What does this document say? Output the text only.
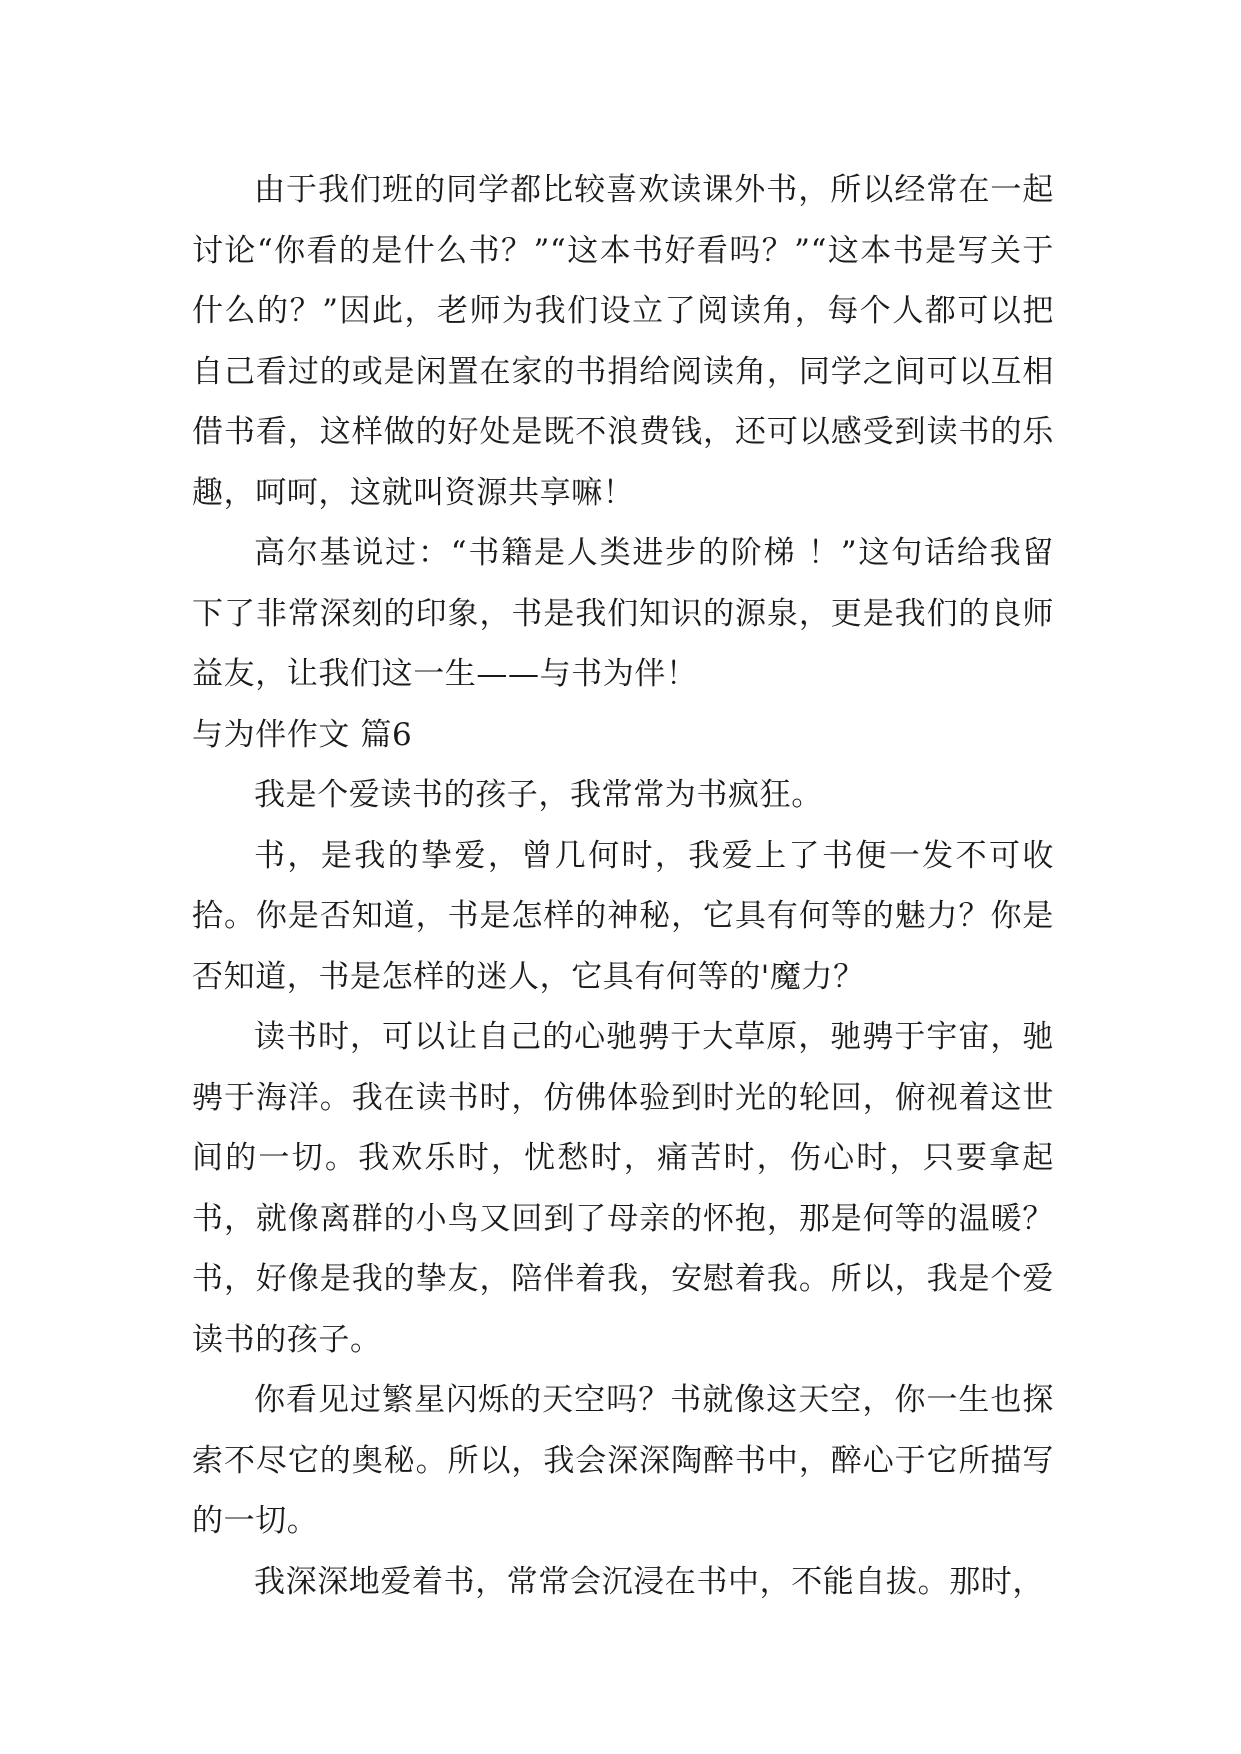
由于我们班的同学都比较喜欢读课外书，所以经常在一起讨论“你看的是什么书？”“这本书好看吗？”“这本书是写关于什么的？”因此，老师为我们设立了阅读角，每个人都可以把自己看过的或是闲置在家的书捐给阅读角，同学之间可以互相借书看，这样做的好处是既不浪费钱，还可以感受到读书的乐趣，呵呵，这就叫资源共享嘛！

高尔基说过：“书籍是人类进步的阶梯 ！”这句话给我留下了非常深刻的印象，书是我们知识的源泉，更是我们的良师益友，让我们这一生——与书为伴！

与为伴作文 篇6

我是个爱读书的孩子，我常常为书疯狂。

书，是我的挚爱，曾几何时，我爱上了书便一发不可收拾。你是否知道，书是怎样的神秘，它具有何等的魅力？你是否知道，书是怎样的迷人，它具有何等的'魔力？

读书时，可以让自己的心驰骋于大草原，驰骋于宇宙，驰骋于海洋。我在读书时，仿佛体验到时光的轮回，俯视着这世间的一切。我欢乐时，忧愁时，痛苦时，伤心时，只要拿起书，就像离群的小鸟又回到了母亲的怀抱，那是何等的温暖？书，好像是我的挚友，陪伴着我，安慰着我。所以，我是个爱读书的孩子。

你看见过繁星闪烁的天空吗？书就像这天空，你一生也探索不尽它的奥秘。所以，我会深深陶醉书中，醉心于它所描写的一切。

我深深地爱着书，常常会沉浸在书中，不能自拔。那时，
